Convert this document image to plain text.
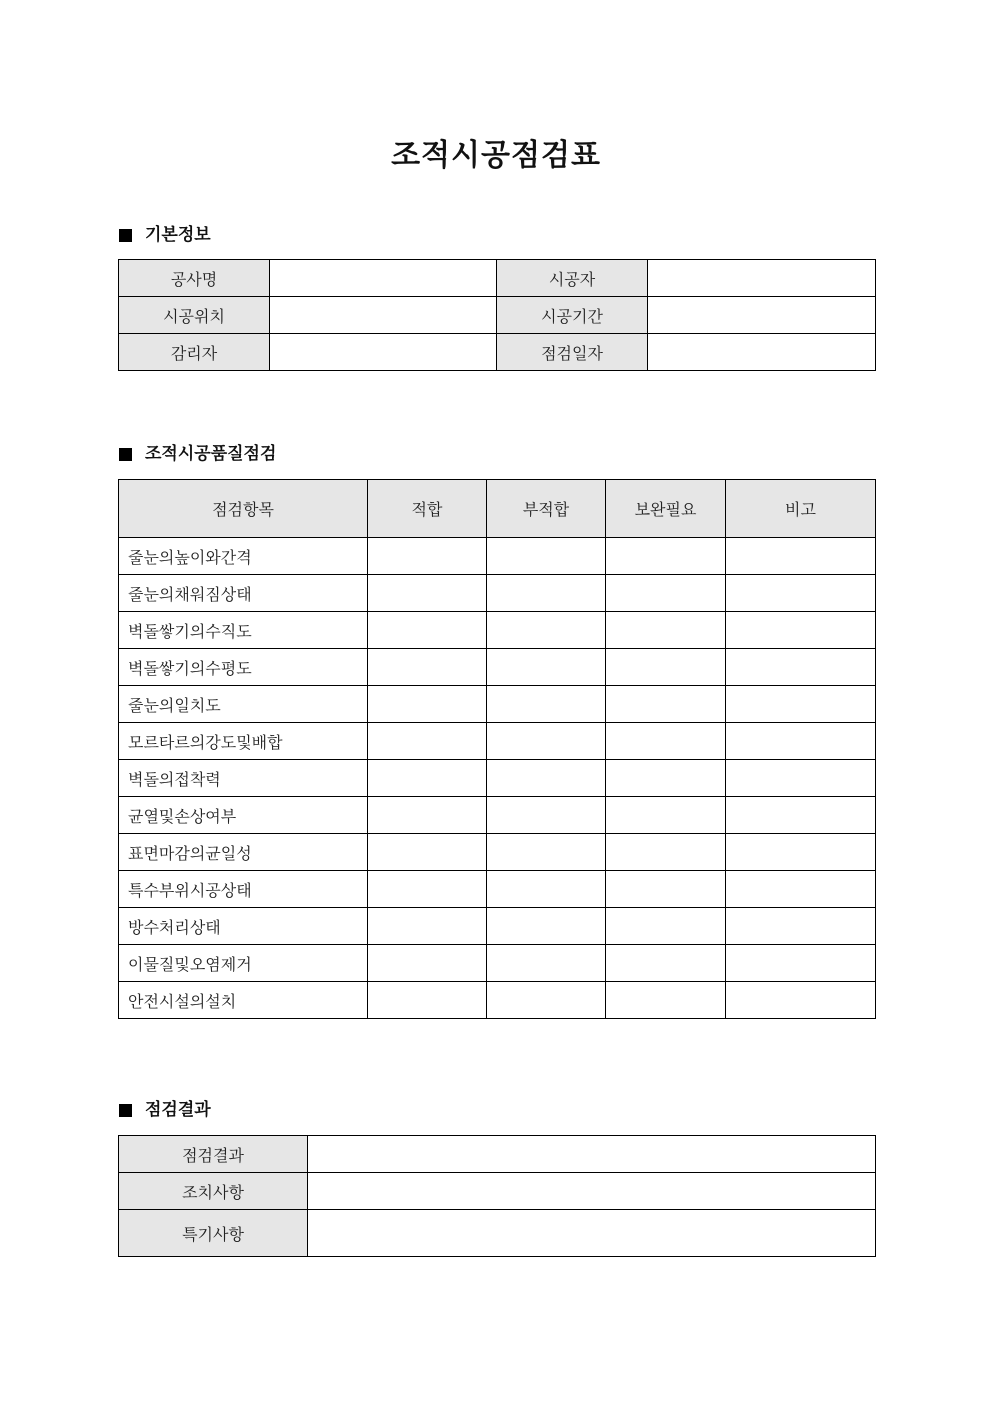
조적시공점검표
기본정보
공사명		시공자	
시공위치		시공기간	
감리자		점검일자	
조적시공품질점검
점검항목	적합	부적합	보완필요	비고
줄눈의높이와간격				
줄눈의채워짐상태				
벽돌쌓기의수직도				
벽돌쌓기의수평도				
줄눈의일치도				
모르타르의강도및배합				
벽돌의접착력				
균열및손상여부				
표면마감의균일성				
특수부위시공상태				
방수처리상태				
이물질및오염제거				
안전시설의설치				
점검결과
점검결과	
조치사항	
특기사항	
